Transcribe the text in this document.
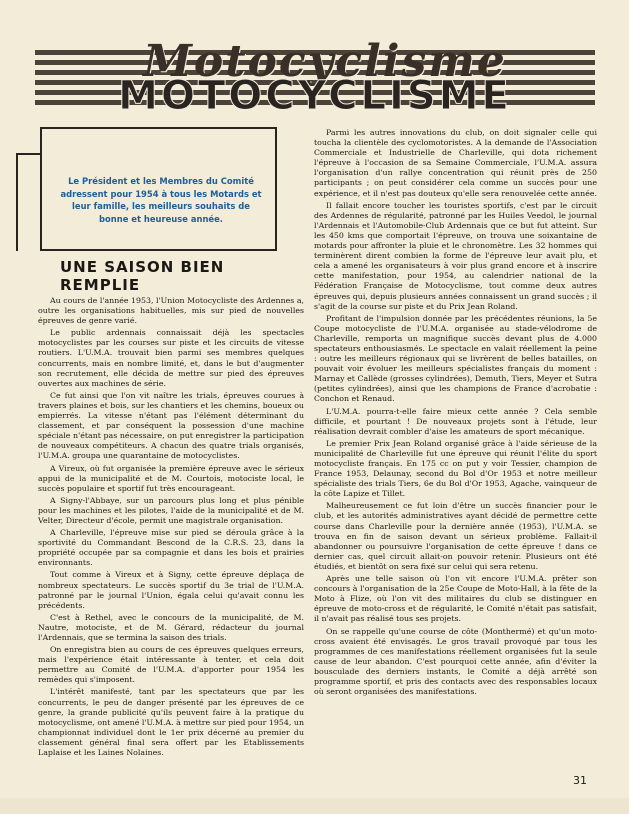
Motocyclisme
MOTOCYCLISME
Le Président et les Membres du Comité adressent pour 1954 à tous les Motards et leur famille, les meilleurs souhaits de bonne et heureuse année.
UNE SAISON BIEN REMPLIE

Au cours de l'année 1953, l'Union Motocycliste des Ardennes a, outre les organisations habituelles, mis sur pied de nouvelles épreuves de genre varié.

Le public ardennais connaissait déjà les spectacles motocyclistes par les courses sur piste et les circuits de vitesse routiers. L'U.M.A. trouvait bien parmi ses membres quelques concurrents, mais en nombre limité, et, dans le but d'augmenter son recrutement, elle décida de mettre sur pied des épreuves ouvertes aux machines de série.

Ce fut ainsi que l'on vit naître les trials, épreuves courues à travers plaines et bois, sur les chantiers et les chemins, boueux ou empierrés. La vitesse n'étant pas l'élément déterminant du classement, et par conséquent la possession d'une machine spéciale n'étant pas nécessaire, on put enregistrer la participation de nouveaux compétiteurs. A chacun des quatre trials organisés, l'U.M.A. groupa une quarantaine de motocyclistes.

A Vireux, où fut organisée la première épreuve avec le sérieux appui de la municipalité et de M. Courtois, motociste local, le succès populaire et sportif fut très encourageant.

A Signy-l'Abbaye, sur un parcours plus long et plus pénible pour les machines et les pilotes, l'aide de la municipalité et de M. Velter, Directeur d'école, permit une magistrale organisation.

A Charleville, l'épreuve mise sur pied se déroula grâce à la sportivité du Commandant Bescond de la C.R.S. 23, dans la propriété occupée par sa compagnie et dans les bois et prairies environnants.

Tout comme à Vireux et à Signy, cette épreuve déplaça de nombreux spectateurs. Le succès sportif du 3e trial de l'U.M.A. patronné par le journal l'Union, égala celui qu'avait connu les précédents.

C'est à Rethel, avec le concours de la municipalité, de M. Nautre, motociste, et de M. Gérard, rédacteur du journal l'Ardennais, que se termina la saison des trials.

On enregistra bien au cours de ces épreuves quelques erreurs, mais l'expérience était intéressante à tenter, et cela doit permettre au Comité de l'U.M.A. d'apporter pour 1954 les remèdes qui s'imposent.

L'intérêt manifesté, tant par les spectateurs que par les concurrents, le peu de danger présenté par les épreuves de ce genre, la grande publicité qu'ils peuvent faire à la pratique du motocyclisme, ont amené l'U.M.A. à mettre sur pied pour 1954, un championnat individuel dont le 1er prix décerné au premier du classement général final sera offert par les Etablissements Laplaise et les Laines Nolaines.

Parmi les autres innovations du club, on doit signaler celle qui toucha la clientèle des cyclomotoristes. A la demande de l'Association Commerciale et Industrielle de Charleville, qui dota richement l'épreuve à l'occasion de sa Semaine Commerciale, l'U.M.A. assura l'organisation d'un rallye concentration qui réunit près de 250 participants ; on peut considérer cela comme un succès pour une expérience, et il n'est pas douteux qu'elle sera renouvelée cette année.

Il fallait encore toucher les touristes sportifs, c'est par le circuit des Ardennes de régularité, patronné par les Huiles Veedol, le journal l'Ardennais et l'Automobile-Club Ardennais que ce but fut atteint. Sur les 450 kms que comportait l'épreuve, on trouva une soixantaine de motards pour affronter la pluie et le chronomètre. Les 32 hommes qui terminèrent dirent combien la forme de l'épreuve leur avait plu, et cela a amené les organisateurs à voir plus grand encore et à inscrire cette manifestation, pour 1954, au calendrier national de la Fédération Française de Motocyclisme, tout comme deux autres épreuves qui, depuis plusieurs années connaissent un grand succès ; il s'agit de la course sur piste et du Prix Jean Roland.

Profitant de l'impulsion donnée par les précédentes réunions, la 5e Coupe motocycliste de l'U.M.A. organisée au stade-vélodrome de Charleville, remporta un magnifique succès devant plus de 4.000 spectateurs enthousiasmés. Le spectacle en valait réellement la peine : outre les meilleurs régionaux qui se livrèrent de belles batailles, on pouvait voir évoluer les meilleurs spécialistes français du moment : Marnay et Callède (grosses cylindrées), Demuth, Tiers, Meyer et Sutra (petites cylindrées), ainsi que les champions de France d'acrobatie : Conchon et Renaud.

L'U.M.A. pourra-t-elle faire mieux cette année ? Cela semble difficile, et pourtant ! De nouveaux projets sont à l'étude, leur réalisation devrait combler d'aise les amateurs de sport mécanique.

Le premier Prix Jean Roland organisé grâce à l'aide sérieuse de la municipalité de Charleville fut une épreuve qui réunit l'élite du sport motocycliste français. En 175 cc on put y voir Tessier, champion de France 1953, Delaunay, second du Bol d'Or 1953 et notre meilleur spécialiste des trials Tiers, 6e du Bol d'Or 1953, Agache, vainqueur de la côte Lapize et Tillet.

Malheureusement ce fut loin d'être un succès financier pour le club, et les autorités administratives ayant décidé de permettre cette course dans Charleville pour la dernière année (1953), l'U.M.A. se trouva en fin de saison devant un sérieux problème. Fallait-il abandonner ou poursuivre l'organisation de cette épreuve ! dans ce dernier cas, quel circuit allait-on pouvoir retenir. Plusieurs ont été étudiés, et bientôt on sera fixé sur celui qui sera retenu.

Après une telle saison où l'on vit encore l'U.M.A. prêter son concours à l'organisation de la 25e Coupe de Moto-Hall, à la fête de la Moto à Flize, où l'on vit des militaires du club se distinguer en épreuve de moto-cross et de régularité, le Comité n'était pas satisfait, il n'avait pas réalisé tous ses projets.

On se rappelle qu'une course de côte (Monthermé) et qu'un moto-cross avaient été envisagés. Le gros travail provoqué par tous les programmes de ces manifestations réellement organisées fut la seule cause de leur abandon. C'est pourquoi cette année, afin d'éviter la bousculade des derniers instants, le Comité a déjà arrêté son programme sportif, et pris des contacts avec des responsables locaux où seront organisées des manifestations.

31
